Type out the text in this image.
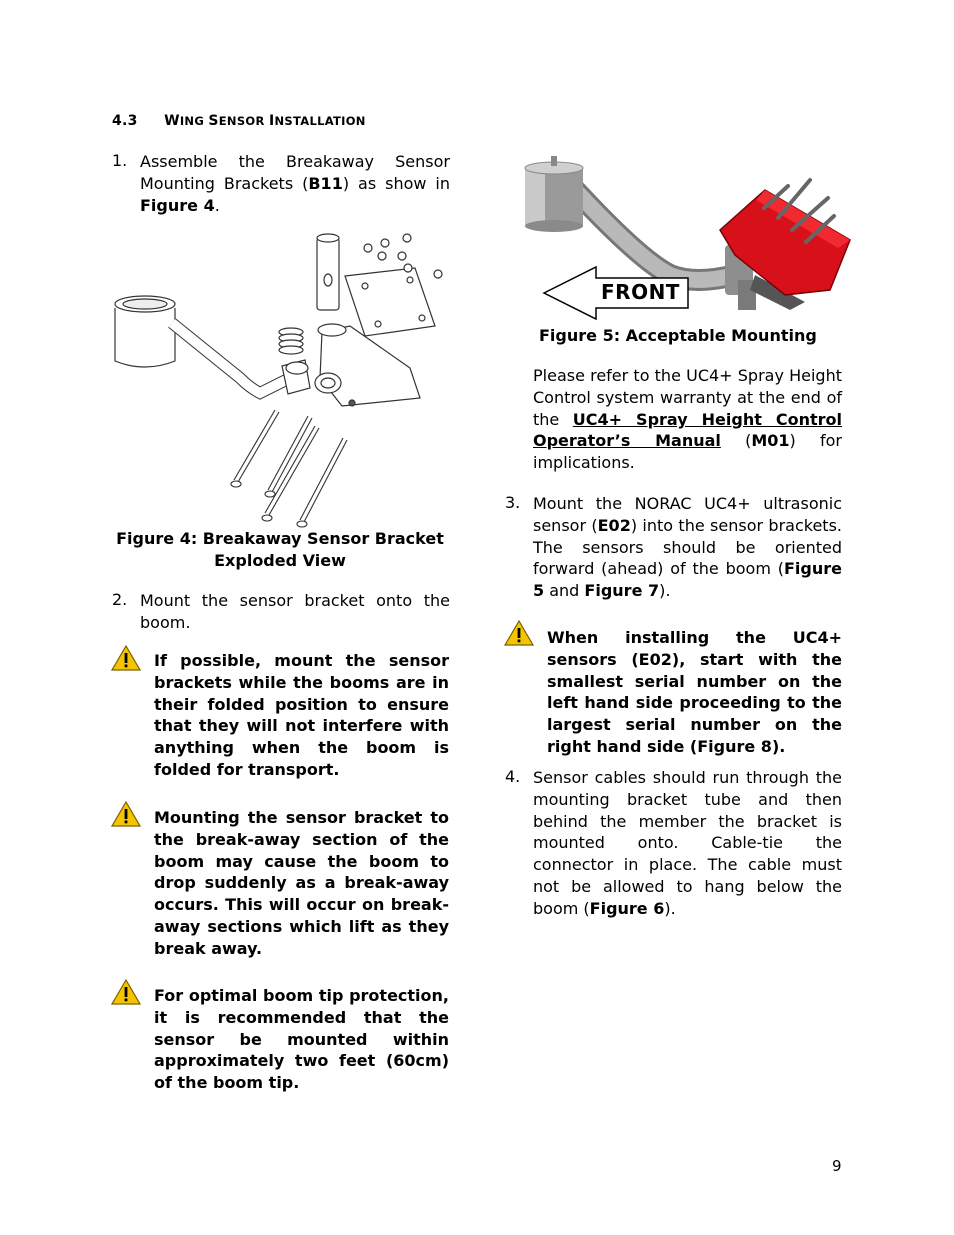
4.3 WING SENSOR INSTALLATION
1. Assemble the Breakaway Sensor
Mounting Brackets (B11) as show in
Figure 4.
Figure 4: Breakaway Sensor Bracket
Exploded View
2. Mount the sensor bracket onto the boom.
If possible, mount the sensor brackets while the booms are in their folded position to ensure that they will not interfere with anything when the boom is folded for transport.
Mounting the sensor bracket to the break-away section of the boom may cause the boom to drop suddenly as a break-away occurs. This will occur on break-away sections which lift as they break away.
For optimal boom tip protection, it is recommended that the sensor be mounted within approximately two feet (60cm) of the boom tip.
FRONT
Figure 5: Acceptable Mounting
Please refer to the UC4+ Spray Height Control system warranty at the end of the UC4+ Spray Height Control Operator’s Manual (M01) for implications.
3. Mount the NORAC UC4+ ultrasonic sensor (E02) into the sensor brackets. The sensors should be oriented forward (ahead) of the boom (Figure 5 and Figure 7).
When installing the UC4+ sensors (E02), start with the smallest serial number on the left hand side proceeding to the largest serial number on the right hand side (Figure 8).
4. Sensor cables should run through the mounting bracket tube and then behind the member the bracket is mounted onto. Cable-tie the connector in place. The cable must not be allowed to hang below the boom (Figure 6).
9
